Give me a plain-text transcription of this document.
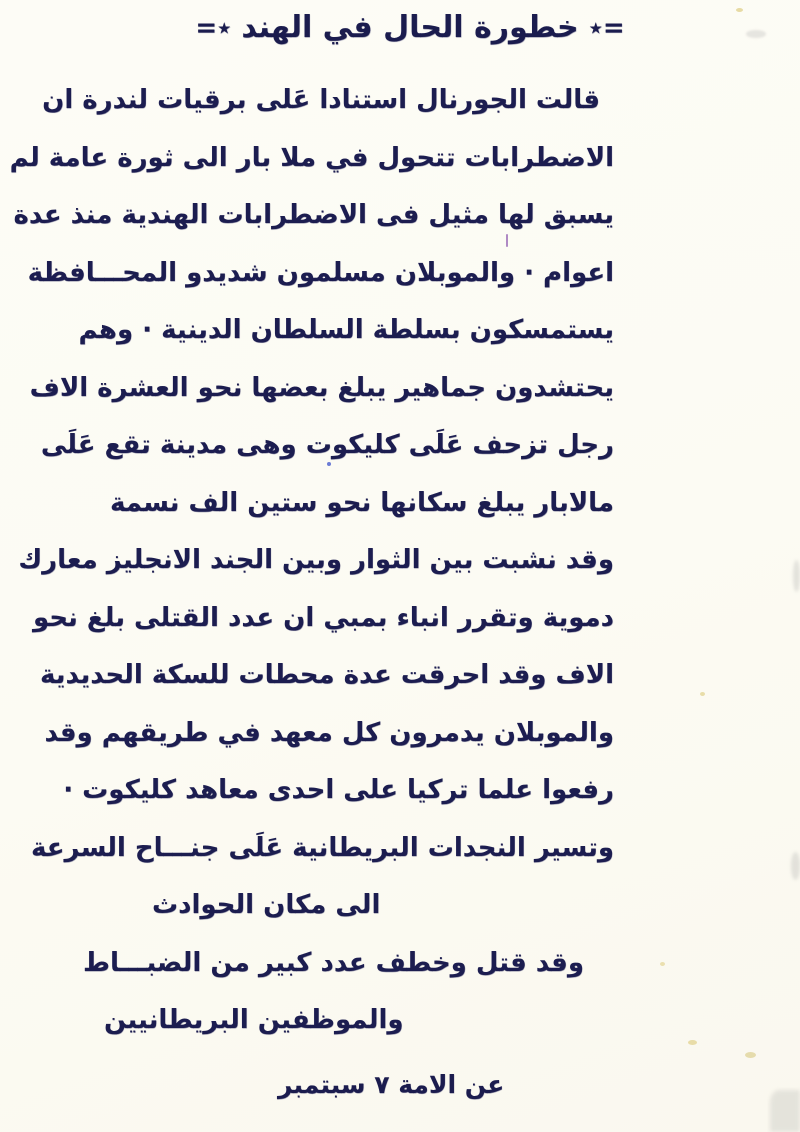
=٭ خطورة الحال في الهند ٭=
قالت الجورنال استنادا عَلى برقيات لندرة ان
الاضطرابات تتحول في ملا بار الى ثورة عامة لم
يسبق لها مثيل فى الاضطرابات الهندية منذ عدة
اعوام · والموبلان مسلمون شديدو المحـــافظة
يستمسكون بسلطة السلطان الدينية · وهم
يحتشدون جماهير يبلغ بعضها نحو العشرة الاف
رجل تزحف عَلَى كليكوت وهى مدينة تقع عَلَى
مالابار يبلغ سكانها نحو ستين الف نسمة
وقد نشبت بين الثوار وبين الجند الانجليز معارك
دموية وتقرر انباء بمبي ان عدد القتلى بلغ نحو
الاف وقد احرقت عدة محطات للسكة الحديدية
والموبلان يدمرون كل معهد في طريقهم وقد
رفعوا علما تركيا على احدى معاهد كليكوت ·
وتسير النجدات البريطانية عَلَى جنـــاح السرعة
الى مكان الحوادث
وقد قتل وخطف عدد كبير من الضبـــاط
والموظفين البريطانيين
عن الامة ٧ سبتمبر
